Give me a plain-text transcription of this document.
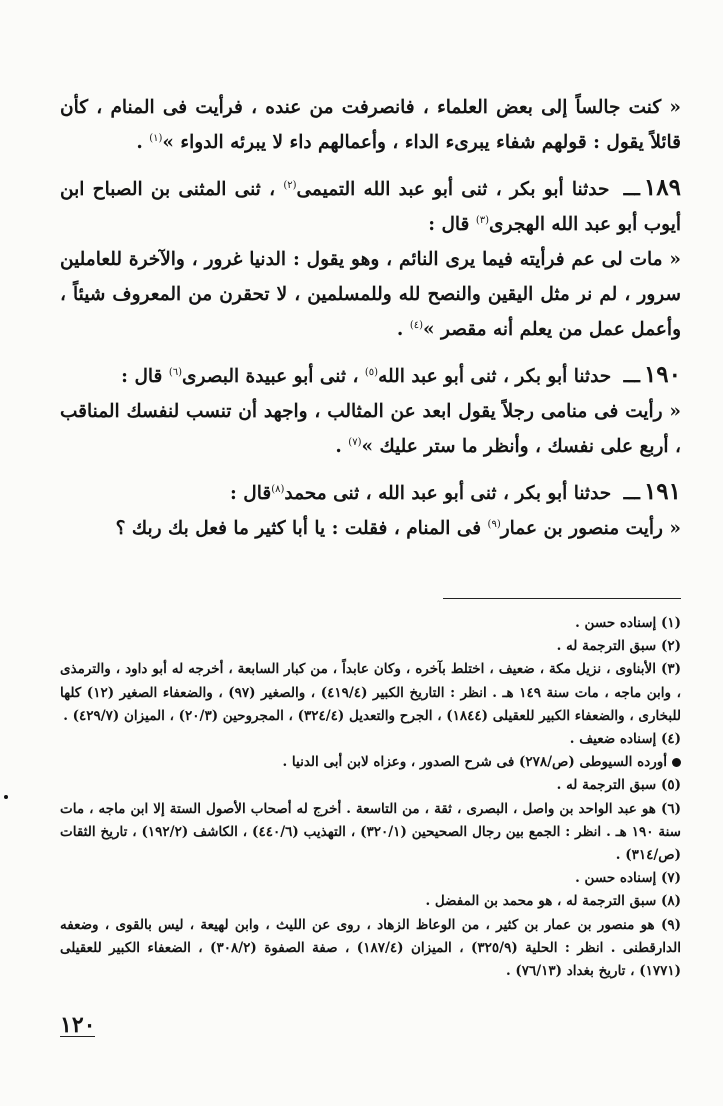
« كنت جالساً إلى بعض العلماء ، فانصرفت من عنده ، فرأيت فى المنام ، كأن قائلاً يقول : قولهم شفاء يبرىء الداء ، وأعمالهم داء لا يبرئه الدواء »$^{(١)}$ .

١٨٩ـــ حدثنا أبو بكر ، ثنى أبو عبد الله التميمى$^{(٢)}$ ، ثنى المثنى بن الصباح ابن أيوب أبو عبد الله الهجرى$^{(٣)}$ قال :

« مات لى عم فرأيته فيما يرى النائم ، وهو يقول : الدنيا غرور ، والآخرة للعاملين سرور ، لم نر مثل اليقين والنصح لله وللمسلمين ، لا تحقرن من المعروف شيئاً ، وأعمل عمل من يعلم أنه مقصر »$^{(٤)}$ .

١٩٠ـــ حدثنا أبو بكر ، ثنى أبو عبد الله$^{(٥)}$ ، ثنى أبو عبيدة البصرى$^{(٦)}$ قال :

« رأيت فى منامى رجلاً يقول ابعد عن المثالب ، واجهد أن تنسب لنفسك المناقب ، أربع على نفسك ، وأنظر ما ستر عليك »$^{(٧)}$ .

١٩١ـــ حدثنا أبو بكر ، ثنى أبو عبد الله ، ثنى محمد$^{(٨)}$قال :

« رأيت منصور بن عمار$^{(٩)}$ فى المنام ، فقلت : يا أبا كثير ما فعل بك ربك ؟

(١) إسناده حسن .

(٢) سبق الترجمة له .

(٣) الأبناوى ، نزيل مكة ، ضعيف ، اختلط بآخره ، وكان عابداً ، من كبار السابعة ، أخرجه له أبو داود ، والترمذى ، وابن ماجه ، مات سنة ١٤٩ هـ . انظر : التاريخ الكبير (٤١٩/٤) ، والصغير (٩٧) ، والضعفاء الصغير (١٢) كلها للبخارى ، والضعفاء الكبير للعقيلى (١٨٤٤) ، الجرح والتعديل (٣٢٤/٤) ، المجروحين (٢٠/٣) ، الميزان (٤٢٩/٧) .

(٤) إسناده ضعيف .

أورده السيوطى (ص/٢٧٨) فى شرح الصدور ، وعزاه لابن أبى الدنيا .

(٥) سبق الترجمة له .

(٦) هو عبد الواحد بن واصل ، البصرى ، ثقة ، من التاسعة . أخرج له أصحاب الأصول الستة إلا ابن ماجه ، مات سنة ١٩٠ هـ . انظر : الجمع بين رجال الصحيحين (٣٢٠/١) ، التهذيب (٤٤٠/٦) ، الكاشف (١٩٢/٢) ، تاريخ الثقات (ص/٣١٤) .

(٧) إسناده حسن .

(٨) سبق الترجمة له ، هو محمد بن المفضل .

(٩) هو منصور بن عمار بن كثير ، من الوعاظ الزهاد ، روى عن الليث ، وابن لهيعة ، ليس بالقوى ، وضعفه الدارقطنى . انظر : الحلية (٣٢٥/٩) ، الميزان (١٨٧/٤) ، صفة الصفوة (٣٠٨/٢) ، الضعفاء الكبير للعقيلى (١٧٧١) ، تاريخ بغداد (٧٦/١٣) .

١٢٠
